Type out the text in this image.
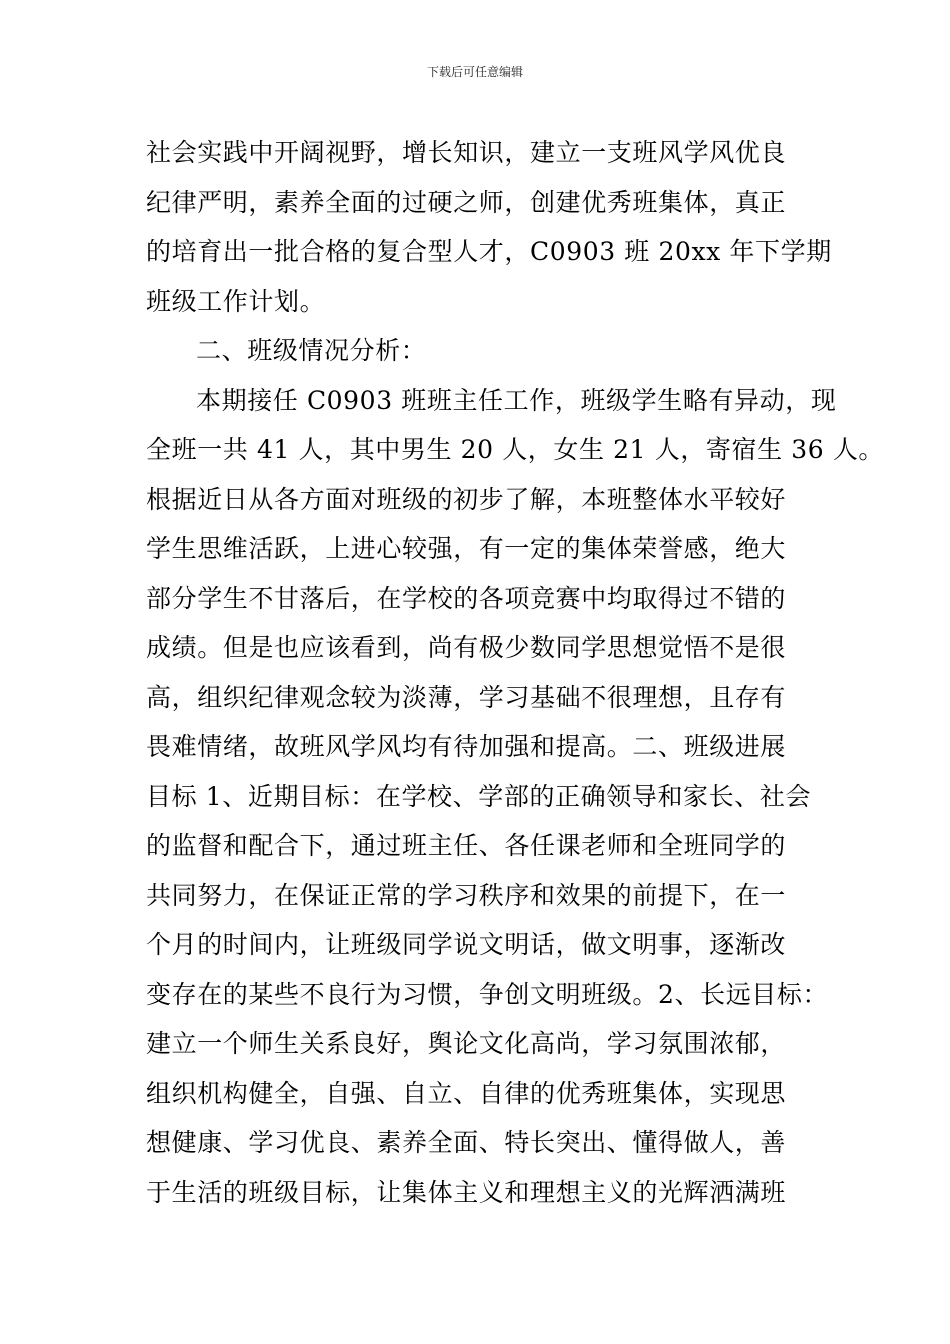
下载后可任意编辑
社会实践中开阔视野，增长知识，建立一支班风学风优良
纪律严明，素养全面的过硬之师，创建优秀班集体，真正
的培育出一批合格的复合型人才，C0903 班 20xx 年下学期
班级工作计划。
二、班级情况分析：
本期接任 C0903 班班主任工作，班级学生略有异动，现
全班一共 41 人，其中男生 20 人，女生 21 人，寄宿生 36 人。
根据近日从各方面对班级的初步了解，本班整体水平较好
学生思维活跃，上进心较强，有一定的集体荣誉感，绝大
部分学生不甘落后，在学校的各项竞赛中均取得过不错的
成绩。但是也应该看到，尚有极少数同学思想觉悟不是很
高，组织纪律观念较为淡薄，学习基础不很理想，且存有
畏难情绪，故班风学风均有待加强和提高。二、班级进展
目标 1、近期目标：在学校、学部的正确领导和家长、社会
的监督和配合下，通过班主任、各任课老师和全班同学的
共同努力，在保证正常的学习秩序和效果的前提下，在一
个月的时间内，让班级同学说文明话，做文明事，逐渐改
变存在的某些不良行为习惯，争创文明班级。2、长远目标：
建立一个师生关系良好，舆论文化高尚，学习氛围浓郁，
组织机构健全，自强、自立、自律的优秀班集体，实现思
想健康、学习优良、素养全面、特长突出、懂得做人，善
于生活的班级目标，让集体主义和理想主义的光辉洒满班
